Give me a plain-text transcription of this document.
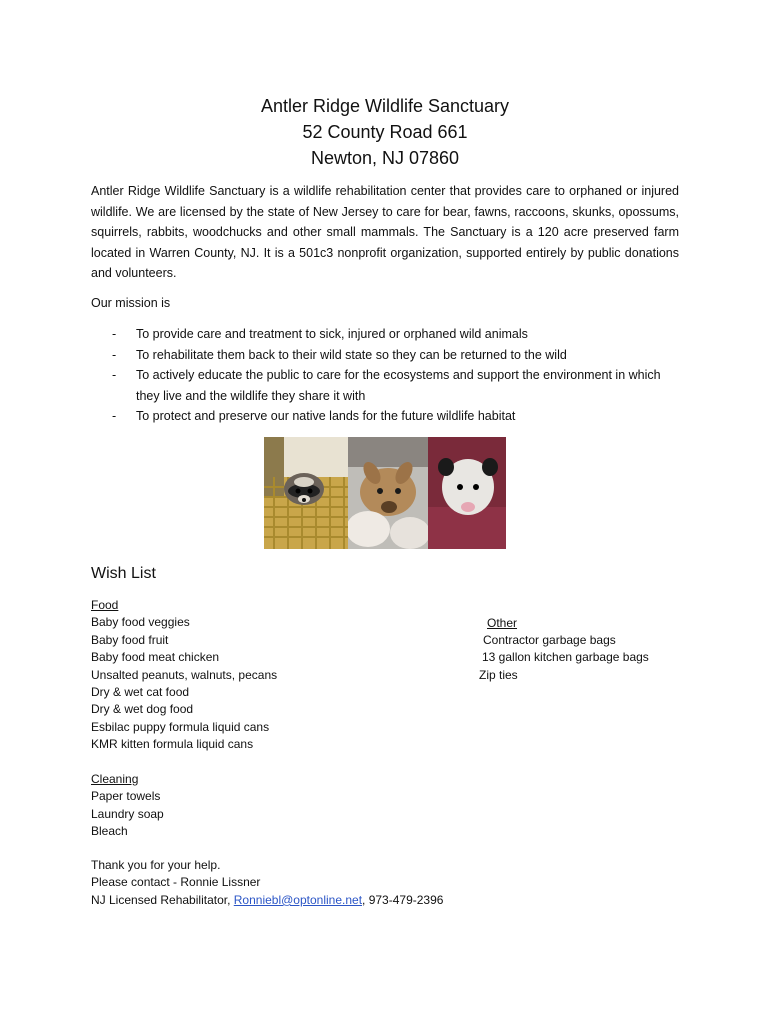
Antler Ridge Wildlife Sanctuary
52 County Road 661
Newton, NJ 07860
Antler Ridge Wildlife Sanctuary is a wildlife rehabilitation center that provides care to orphaned or injured wildlife. We are licensed by the state of New Jersey to care for bear, fawns, raccoons, skunks, opossums, squirrels, rabbits, woodchucks and other small mammals. The Sanctuary is a 120 acre preserved farm located in Warren County, NJ. It is a 501c3 nonprofit organization, supported entirely by public donations and volunteers.
Our mission is
- To provide care and treatment to sick, injured or orphaned wild animals
- To rehabilitate them back to their wild state so they can be returned to the wild
- To actively educate the public to care for the ecosystems and support the environment in which they live and the wildlife they share it with
- To protect and preserve our native lands for the future wildlife habitat
Wish List
Food
Baby food veggies
Baby food fruit
Baby food meat chicken
Unsalted peanuts, walnuts, pecans
Dry & wet cat food
Dry & wet dog food
Esbilac puppy formula liquid cans
KMR kitten formula liquid cans
Other
Contractor garbage bags
13 gallon kitchen garbage bags
Zip ties
Cleaning
Paper towels
Laundry soap
Bleach
Thank you for your help.
Please contact - Ronnie Lissner
NJ Licensed Rehabilitator, Ronniebl@optonline.net, 973-479-2396
